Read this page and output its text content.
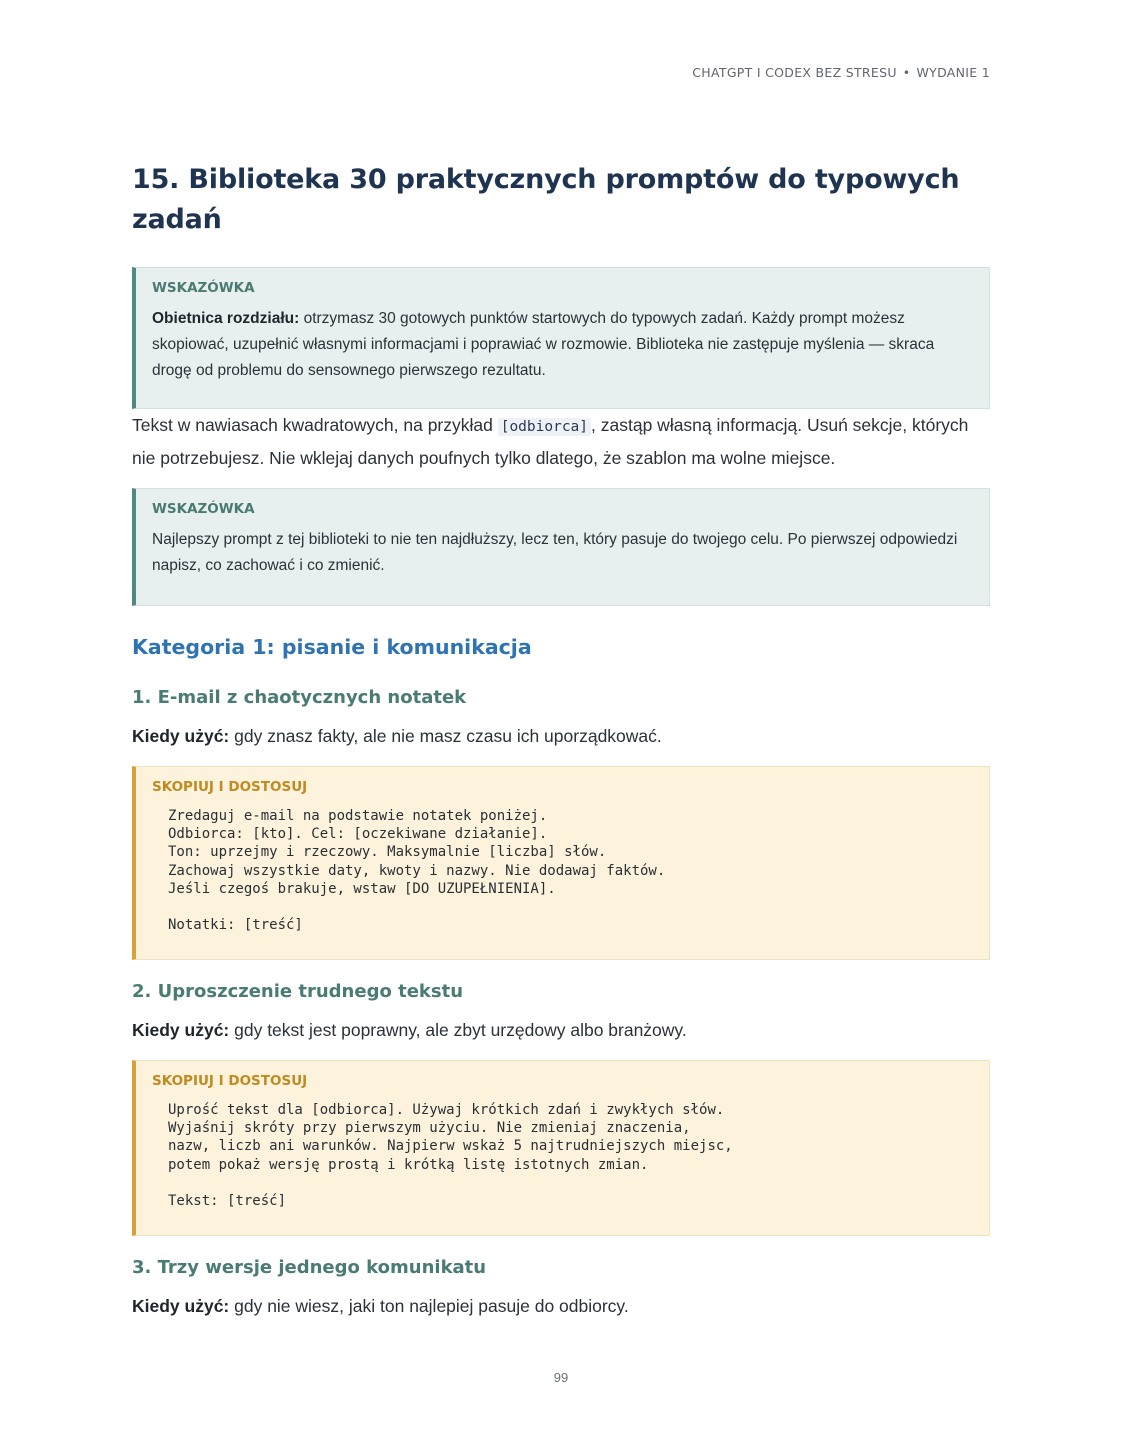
CHATGPT I CODEX BEZ STRESU • WYDANIE 1
15. Biblioteka 30 praktycznych promptów do typowych zadań
WSKAZÓWKA
Obietnica rozdziału: otrzymasz 30 gotowych punktów startowych do typowych zadań. Każdy prompt możesz skopiować, uzupełnić własnymi informacjami i poprawiać w rozmowie. Biblioteka nie zastępuje myślenia — skraca drogę od problemu do sensownego pierwszego rezultatu.

Tekst w nawiasach kwadratowych, na przykład [odbiorca] , zastąp własną informacją. Usuń sekcje, których nie potrzebujesz. Nie wklejaj danych poufnych tylko dlatego, że szablon ma wolne miejsce.

WSKAZÓWKA
Najlepszy prompt z tej biblioteki to nie ten najdłuższy, lecz ten, który pasuje do twojego celu. Po pierwszej odpowiedzi napisz, co zachować i co zmienić.
Kategoria 1: pisanie i komunikacja
1. E-mail z chaotycznych notatek

Kiedy użyć: gdy znasz fakty, ale nie masz czasu ich uporządkować.

SKOPIUJ I DOSTOSUJ
Zredaguj e-mail na podstawie notatek poniżej.
Odbiorca: [kto]. Cel: [oczekiwane działanie].
Ton: uprzejmy i rzeczowy. Maksymalnie [liczba] słów.
Zachowaj wszystkie daty, kwoty i nazwy. Nie dodawaj faktów.
Jeśli czegoś brakuje, wstaw [DO UZUPEŁNIENIA].

Notatki: [treść]
2. Uproszczenie trudnego tekstu

Kiedy użyć: gdy tekst jest poprawny, ale zbyt urzędowy albo branżowy.

SKOPIUJ I DOSTOSUJ
Uprość tekst dla [odbiorca]. Używaj krótkich zdań i zwykłych słów.
Wyjaśnij skróty przy pierwszym użyciu. Nie zmieniaj znaczenia,
nazw, liczb ani warunków. Najpierw wskaż 5 najtrudniejszych miejsc,
potem pokaż wersję prostą i krótką listę istotnych zmian.

Tekst: [treść]
3. Trzy wersje jednego komunikatu

Kiedy użyć: gdy nie wiesz, jaki ton najlepiej pasuje do odbiorcy.

99
